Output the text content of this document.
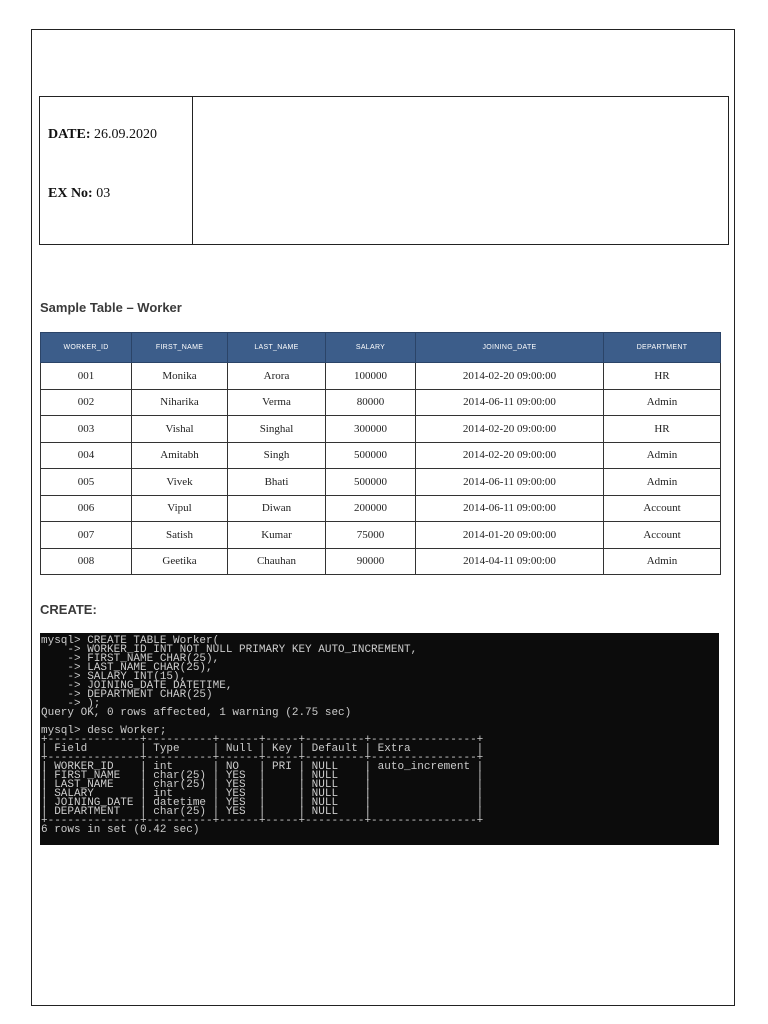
DATE: 26.09.2020
EX No: 03
Sample Table – Worker
WORKER_ID	FIRST_NAME	LAST_NAME	SALARY	JOINING_DATE	DEPARTMENT
001	Monika	Arora	100000	2014-02-20 09:00:00	HR
002	Niharika	Verma	80000	2014-06-11 09:00:00	Admin
003	Vishal	Singhal	300000	2014-02-20 09:00:00	HR
004	Amitabh	Singh	500000	2014-02-20 09:00:00	Admin
005	Vivek	Bhati	500000	2014-06-11 09:00:00	Admin
006	Vipul	Diwan	200000	2014-06-11 09:00:00	Account
007	Satish	Kumar	75000	2014-01-20 09:00:00	Account
008	Geetika	Chauhan	90000	2014-04-11 09:00:00	Admin
CREATE:
mysql> CREATE TABLE Worker(
-> WORKER_ID INT NOT NULL PRIMARY KEY AUTO_INCREMENT,
-> FIRST_NAME CHAR(25),
-> LAST_NAME CHAR(25),
-> SALARY INT(15),
-> JOINING_DATE DATETIME,
-> DEPARTMENT CHAR(25)
-> );
Query OK, 0 rows affected, 1 warning (2.75 sec)

mysql> desc Worker;
+--------------+----------+------+-----+---------+----------------+
| Field        | Type     | Null | Key | Default | Extra          |
+--------------+----------+------+-----+---------+----------------+
| WORKER_ID    | int      | NO   | PRI | NULL    | auto_increment |
| FIRST_NAME   | char(25) | YES  |     | NULL    |                |
| LAST_NAME    | char(25) | YES  |     | NULL    |                |
| SALARY       | int      | YES  |     | NULL    |                |
| JOINING_DATE | datetime | YES  |     | NULL    |                |
| DEPARTMENT   | char(25) | YES  |     | NULL    |                |
+--------------+----------+------+-----+---------+----------------+
6 rows in set (0.42 sec)
